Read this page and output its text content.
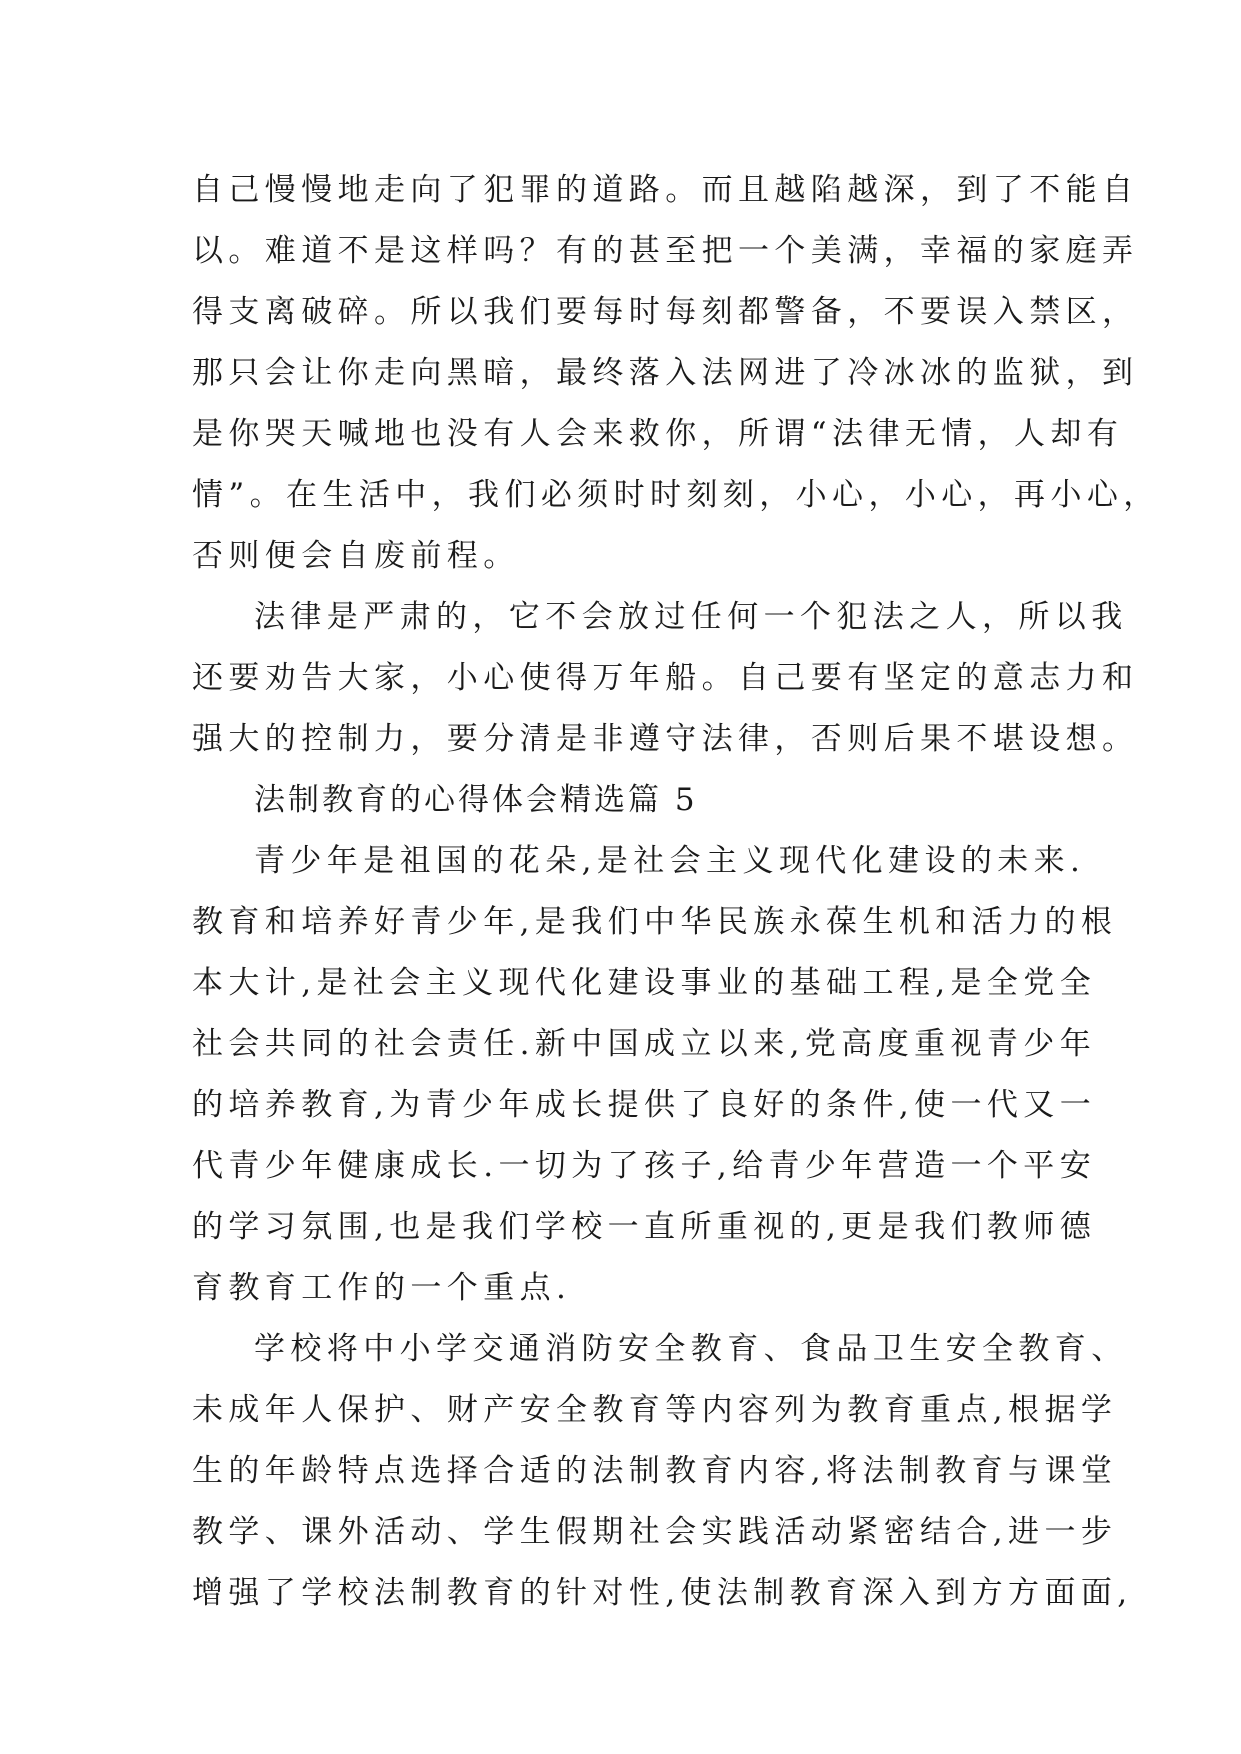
自己慢慢地走向了犯罪的道路。而且越陷越深，到了不能自
以。难道不是这样吗？有的甚至把一个美满，幸福的家庭弄
得支离破碎。所以我们要每时每刻都警备，不要误入禁区，
那只会让你走向黑暗，最终落入法网进了冷冰冰的监狱，到
是你哭天喊地也没有人会来救你，所谓“法律无情，人却有
情”。在生活中，我们必须时时刻刻，小心，小心，再小心，
否则便会自废前程。
法律是严肃的，它不会放过任何一个犯法之人，所以我
还要劝告大家，小心使得万年船。自己要有坚定的意志力和
强大的控制力，要分清是非遵守法律，否则后果不堪设想。
法制教育的心得体会精选篇 5
青少年是祖国的花朵,是社会主义现代化建设的未来.
教育和培养好青少年,是我们中华民族永葆生机和活力的根
本大计,是社会主义现代化建设事业的基础工程,是全党全
社会共同的社会责任.新中国成立以来,党高度重视青少年
的培养教育,为青少年成长提供了良好的条件,使一代又一
代青少年健康成长.一切为了孩子,给青少年营造一个平安
的学习氛围,也是我们学校一直所重视的,更是我们教师德
育教育工作的一个重点.
学校将中小学交通消防安全教育、食品卫生安全教育、
未成年人保护、财产安全教育等内容列为教育重点,根据学
生的年龄特点选择合适的法制教育内容,将法制教育与课堂
教学、课外活动、学生假期社会实践活动紧密结合,进一步
增强了学校法制教育的针对性,使法制教育深入到方方面面,
